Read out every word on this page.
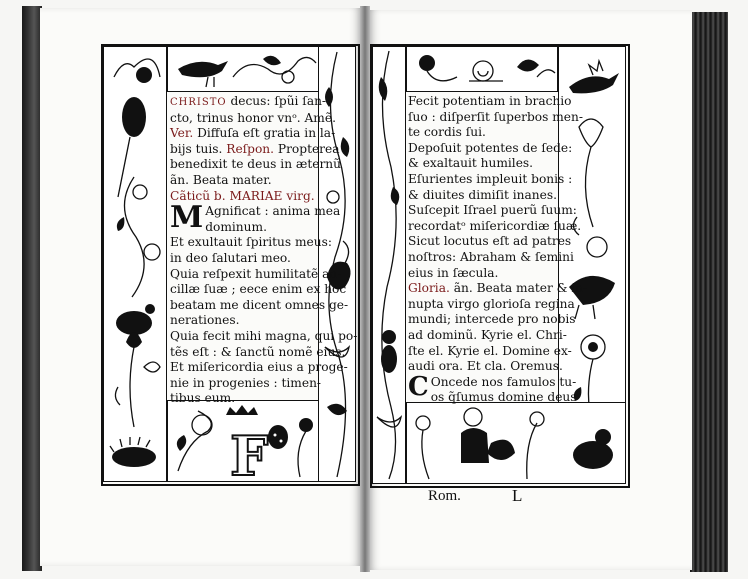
F

CHRISTO decus: ſpũi ſan-

cto, trinus honor vnᵒ. Amẽ.

Ver. Diffuſa eſt gratia in la-

bijs tuis. Reſpon. Propterea

benedixit te deus in æternũ

ãn. Beata mater.

Cãticũ b. MARIAE virg.

M Agnificat : anima mea

dominum.

Et exultauit ſpiritus meus:

in deo ſalutari meo.

Quia reſpexit humilitatẽ an-

cillæ ſuæ ; eece enim ex hoc

beatam me dicent omnes ge-

nerationes.

Quia fecit mihi magna, qui po-

tẽs eſt : & ſanctũ nomẽ eius.

Et miſericordia eius a proge-

nie in progenies : timen-

tibus eum.

Fecit potentiam in brachio

ſuo : diſperſit ſuperbos men-

te cordis ſui.

Depoſuit potentes de ſede:

& exaltauit humiles.

Eſurientes impleuit bonis :

& diuites dimiſit inanes.

Suſcepit Iſrael puerũ ſuum:

recordatᵒ miſericordiæ ſuæ.

Sicut locutus eſt ad patres

noſtros: Abraham & ſemini

eius in ſæcula.

Gloria. ãn. Beata mater & in-

nupta virgo glorioſa regina

mundi; intercede pro nobis

ad dominũ. Kyrie el. Chri-

ſte el. Kyrie el. Domine ex-

audi ora. Et cla. Oremus.

C Oncede nos famulos tu-

os q̃ſumus domine deus

Rom.	L
